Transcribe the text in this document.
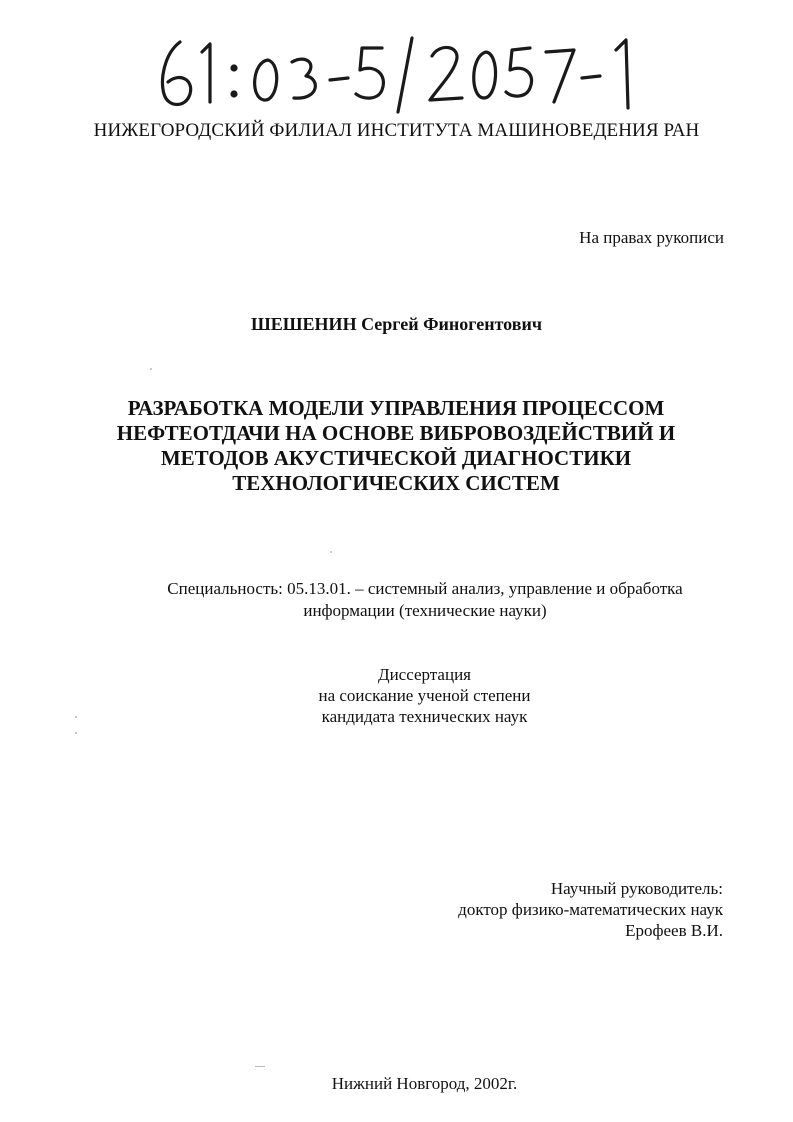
НИЖЕГОРОДСКИЙ ФИЛИАЛ ИНСТИТУТА МАШИНОВЕДЕНИЯ РАН
На правах рукописи
ШЕШЕНИН Сергей Финогентович
РАЗРАБОТКА МОДЕЛИ УПРАВЛЕНИЯ ПРОЦЕССОМ
НЕФТЕОТДАЧИ НА ОСНОВЕ ВИБРОВОЗДЕЙСТВИЙ И
МЕТОДОВ АКУСТИЧЕСКОЙ ДИАГНОСТИКИ
ТЕХНОЛОГИЧЕСКИХ СИСТЕМ
Специальность: 05.13.01. – системный анализ, управление и обработка
информации (технические науки)
Диссертация
на соискание ученой степени
кандидата технических наук
Научный руководитель:
доктор физико-математических наук
Ерофеев В.И.
Нижний Новгород, 2002г.
